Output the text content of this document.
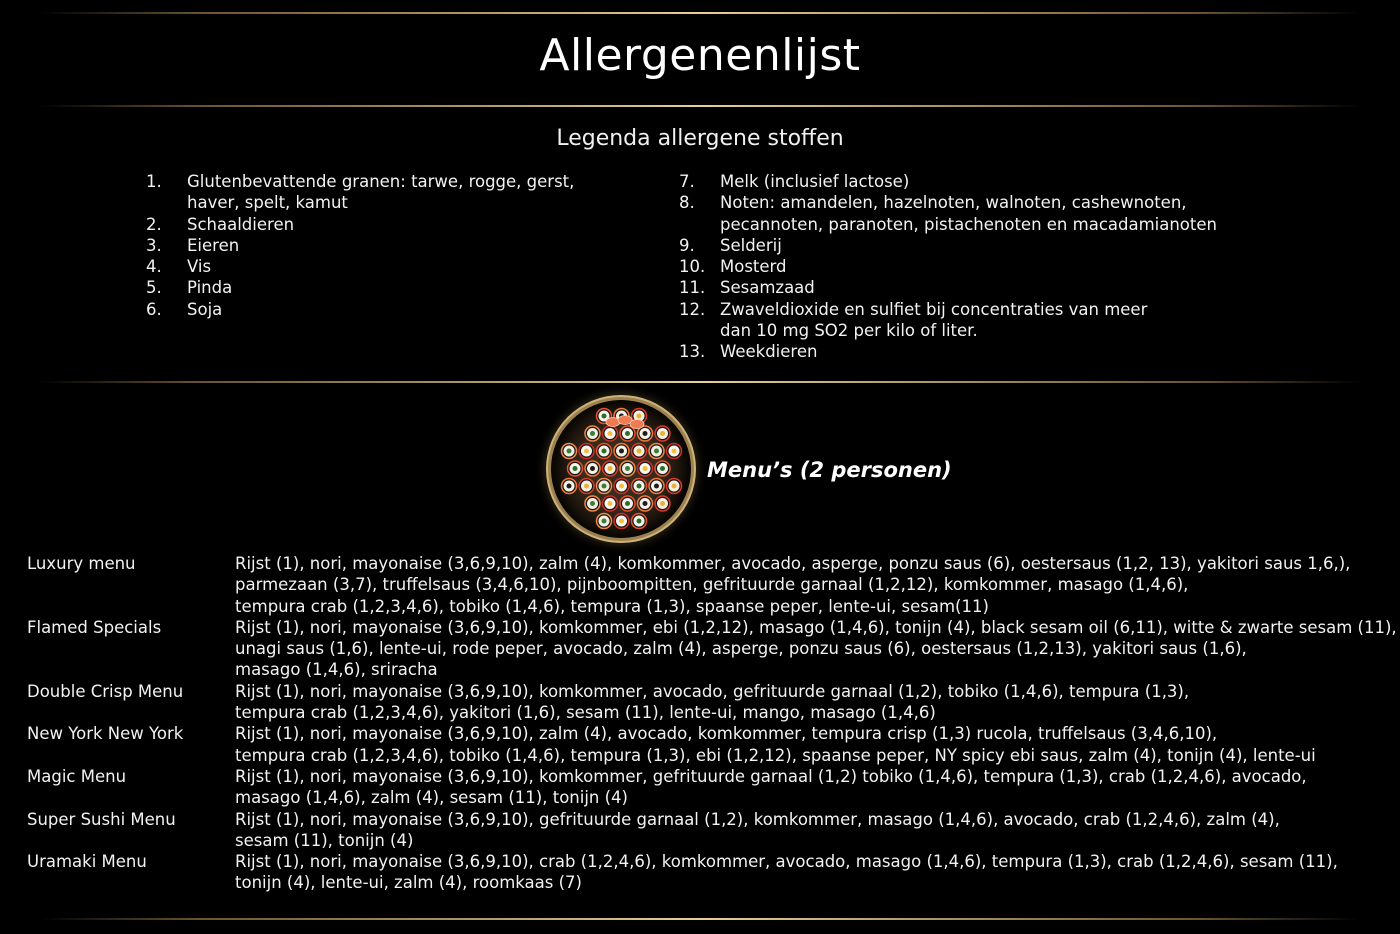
Allergenenlijst
Legenda allergene stoffen
1.	Glutenbevattende granen: tarwe, rogge, gerst,
haver, spelt, kamut
2.	Schaaldieren
3.	Eieren
4.	Vis
5.	Pinda
6.	Soja
7.	Melk (inclusief lactose)
8.	Noten: amandelen, hazelnoten, walnoten, cashewnoten,
pecannoten, paranoten, pistachenoten en macadamianoten
9.	Selderij
10. Mosterd
11. Sesamzaad
12. Zwaveldioxide en sulfiet bij concentraties van meer
dan 10 mg SO2 per kilo of liter.
13. Weekdieren
Menu’s (2 personen)
Luxury menu	Rijst (1), nori, mayonaise (3,6,9,10), zalm (4), komkommer, avocado, asperge, ponzu saus (6), oestersaus (1,2, 13), yakitori saus 1,6,),
parmezaan (3,7), truffelsaus (3,4,6,10), pijnboompitten, gefrituurde garnaal (1,2,12), komkommer, masago (1,4,6),
tempura crab (1,2,3,4,6), tobiko (1,4,6), tempura (1,3), spaanse peper, lente-ui, sesam(11)
Flamed Specials	Rijst (1), nori, mayonaise (3,6,9,10), komkommer, ebi (1,2,12), masago (1,4,6), tonijn (4), black sesam oil (6,11), witte & zwarte sesam (11),
unagi saus (1,6), lente-ui, rode peper, avocado, zalm (4), asperge, ponzu saus (6), oestersaus (1,2,13), yakitori saus (1,6),
masago (1,4,6), sriracha
Double Crisp Menu	Rijst (1), nori, mayonaise (3,6,9,10), komkommer, avocado, gefrituurde garnaal (1,2), tobiko (1,4,6), tempura (1,3),
tempura crab (1,2,3,4,6), yakitori (1,6), sesam (11), lente-ui, mango, masago (1,4,6)
New York New York	Rijst (1), nori, mayonaise (3,6,9,10), zalm (4), avocado, komkommer, tempura crisp (1,3) rucola, truffelsaus (3,4,6,10),
tempura crab (1,2,3,4,6), tobiko (1,4,6), tempura (1,3), ebi (1,2,12), spaanse peper, NY spicy ebi saus, zalm (4), tonijn (4), lente-ui
Magic Menu	Rijst (1), nori, mayonaise (3,6,9,10), komkommer, gefrituurde garnaal (1,2) tobiko (1,4,6), tempura (1,3), crab (1,2,4,6), avocado,
masago (1,4,6), zalm (4), sesam (11), tonijn (4)
Super Sushi Menu	Rijst (1), nori, mayonaise (3,6,9,10), gefrituurde garnaal (1,2), komkommer, masago (1,4,6), avocado, crab (1,2,4,6), zalm (4),
sesam (11), tonijn (4)
Uramaki Menu	Rijst (1), nori, mayonaise (3,6,9,10), crab (1,2,4,6), komkommer, avocado, masago (1,4,6), tempura (1,3), crab (1,2,4,6), sesam (11),
tonijn (4), lente-ui, zalm (4), roomkaas (7)
